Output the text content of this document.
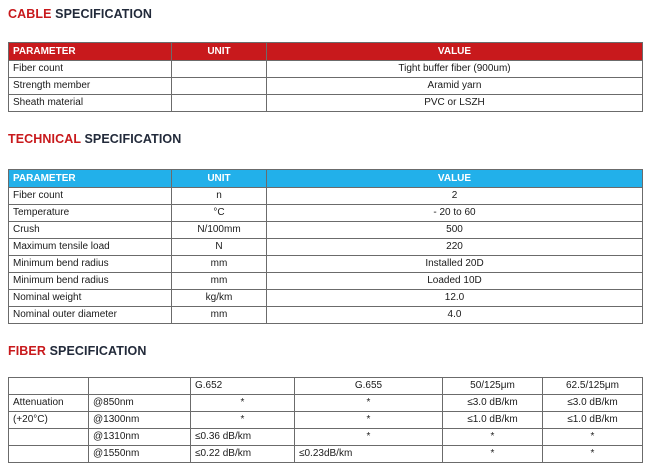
CABLE SPECIFICATION
PARAMETER	UNIT	VALUE
Fiber count		Tight buffer fiber (900um)
Strength member		Aramid yarn
Sheath material		PVC or LSZH
TECHNICAL SPECIFICATION
PARAMETER	UNIT	VALUE
Fiber count	n	2
Temperature	°C	- 20 to 60
Crush	N/100mm	500
Maximum tensile load	N	220
Minimum bend radius	mm	Installed 20D
Minimum bend radius	mm	Loaded 10D
Nominal weight	kg/km	12.0
Nominal outer diameter	mm	4.0
FIBER SPECIFICATION
		G.652	G.655	50/125μm	62.5/125μm
Attenuation	@850nm	*	*	≤3.0 dB/km	≤3.0 dB/km
(+20°C)	@1300nm	*	*	≤1.0 dB/km	≤1.0 dB/km
	@1310nm	≤0.36 dB/km	*	*	*
	@1550nm	≤0.22 dB/km	≤0.23dB/km	*	*
